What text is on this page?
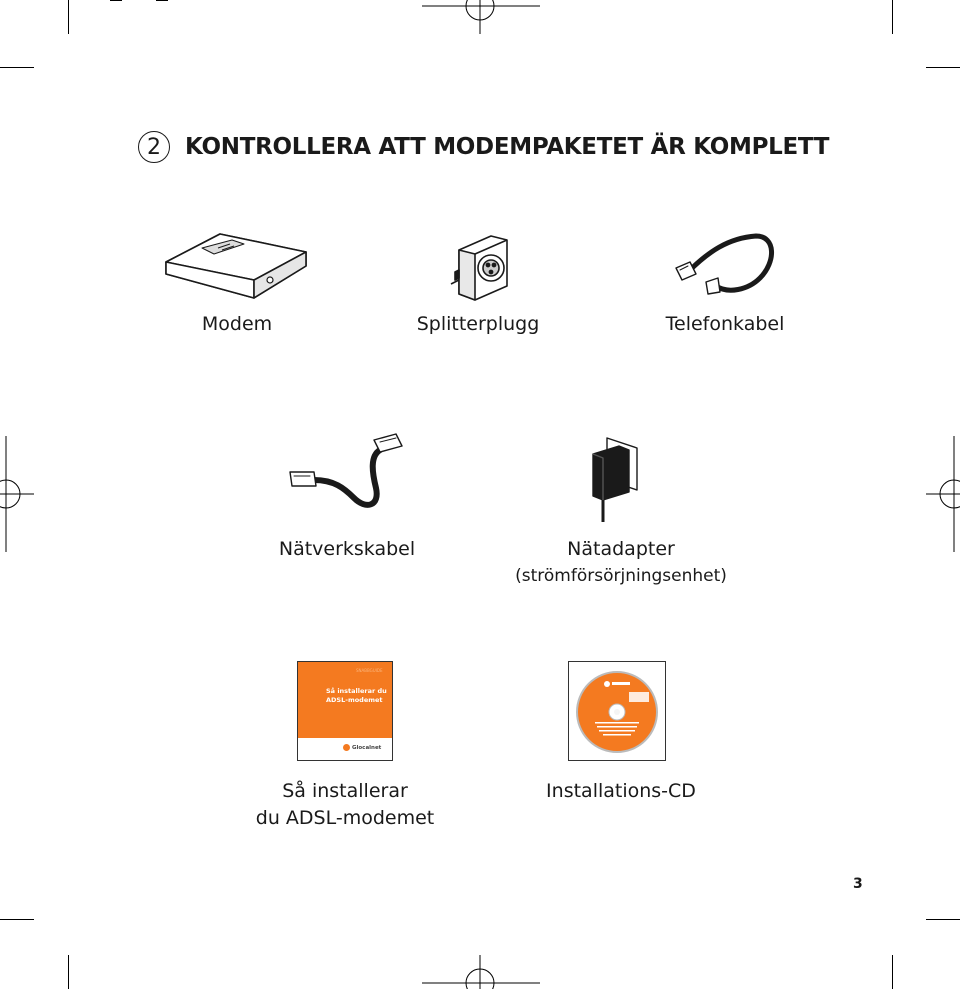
2	KONTROLLERA ATT MODEMPAKETET ÄR KOMPLETT
Modem	Splitterplugg	Telefonkabel
Nätverkskabel	Nätadapter
(strömförsörjningsenhet)
SNABBGUIDE
Så installerar du
ADSL-modemet
Glocalnet
Så installerar
du ADSL-modemet
Installations-CD
3
